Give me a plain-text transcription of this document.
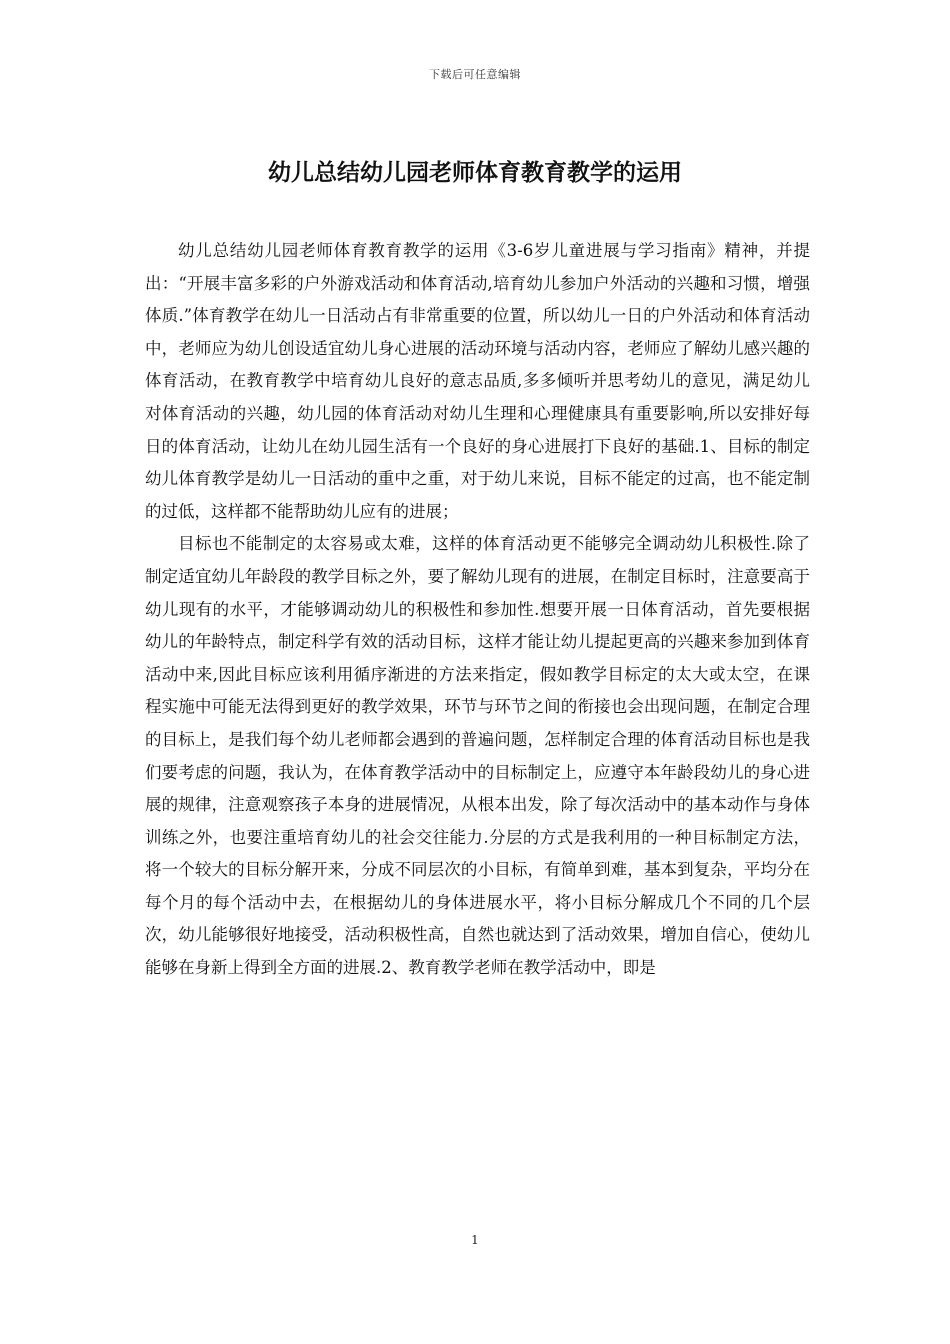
下载后可任意编辑
幼儿总结幼儿园老师体育教育教学的运用

幼儿总结幼儿园老师体育教育教学的运用《3-6岁儿童进展与学习指南》精神，并提出：“开展丰富多彩的户外游戏活动和体育活动,培育幼儿参加户外活动的兴趣和习惯，增强体质.”体育教学在幼儿一日活动占有非常重要的位置，所以幼儿一日的户外活动和体育活动中，老师应为幼儿创设适宜幼儿身心进展的活动环境与活动内容，老师应了解幼儿感兴趣的体育活动，在教育教学中培育幼儿良好的意志品质,多多倾听并思考幼儿的意见，满足幼儿对体育活动的兴趣，幼儿园的体育活动对幼儿生理和心理健康具有重要影响,所以安排好每日的体育活动，让幼儿在幼儿园生活有一个良好的身心进展打下良好的基础.1、目标的制定幼儿体育教学是幼儿一日活动的重中之重，对于幼儿来说，目标不能定的过高，也不能定制的过低，这样都不能帮助幼儿应有的进展；

目标也不能制定的太容易或太难，这样的体育活动更不能够完全调动幼儿积极性.除了制定适宜幼儿年龄段的教学目标之外，要了解幼儿现有的进展，在制定目标时，注意要高于幼儿现有的水平，才能够调动幼儿的积极性和参加性.想要开展一日体育活动，首先要根据幼儿的年龄特点，制定科学有效的活动目标，这样才能让幼儿提起更高的兴趣来参加到体育活动中来,因此目标应该利用循序渐进的方法来指定，假如教学目标定的太大或太空，在课程实施中可能无法得到更好的教学效果，环节与环节之间的衔接也会出现问题，在制定合理的目标上，是我们每个幼儿老师都会遇到的普遍问题，怎样制定合理的体育活动目标也是我们要考虑的问题，我认为，在体育教学活动中的目标制定上，应遵守本年龄段幼儿的身心进展的规律，注意观察孩子本身的进展情况，从根本出发，除了每次活动中的基本动作与身体训练之外，也要注重培育幼儿的社会交往能力.分层的方式是我利用的一种目标制定方法，将一个较大的目标分解开来，分成不同层次的小目标，有简单到难，基本到复杂，平均分在每个月的每个活动中去，在根据幼儿的身体进展水平，将小目标分解成几个不同的几个层次，幼儿能够很好地接受，活动积极性高，自然也就达到了活动效果，增加自信心，使幼儿能够在身新上得到全方面的进展.2、教育教学老师在教学活动中，即是

1
